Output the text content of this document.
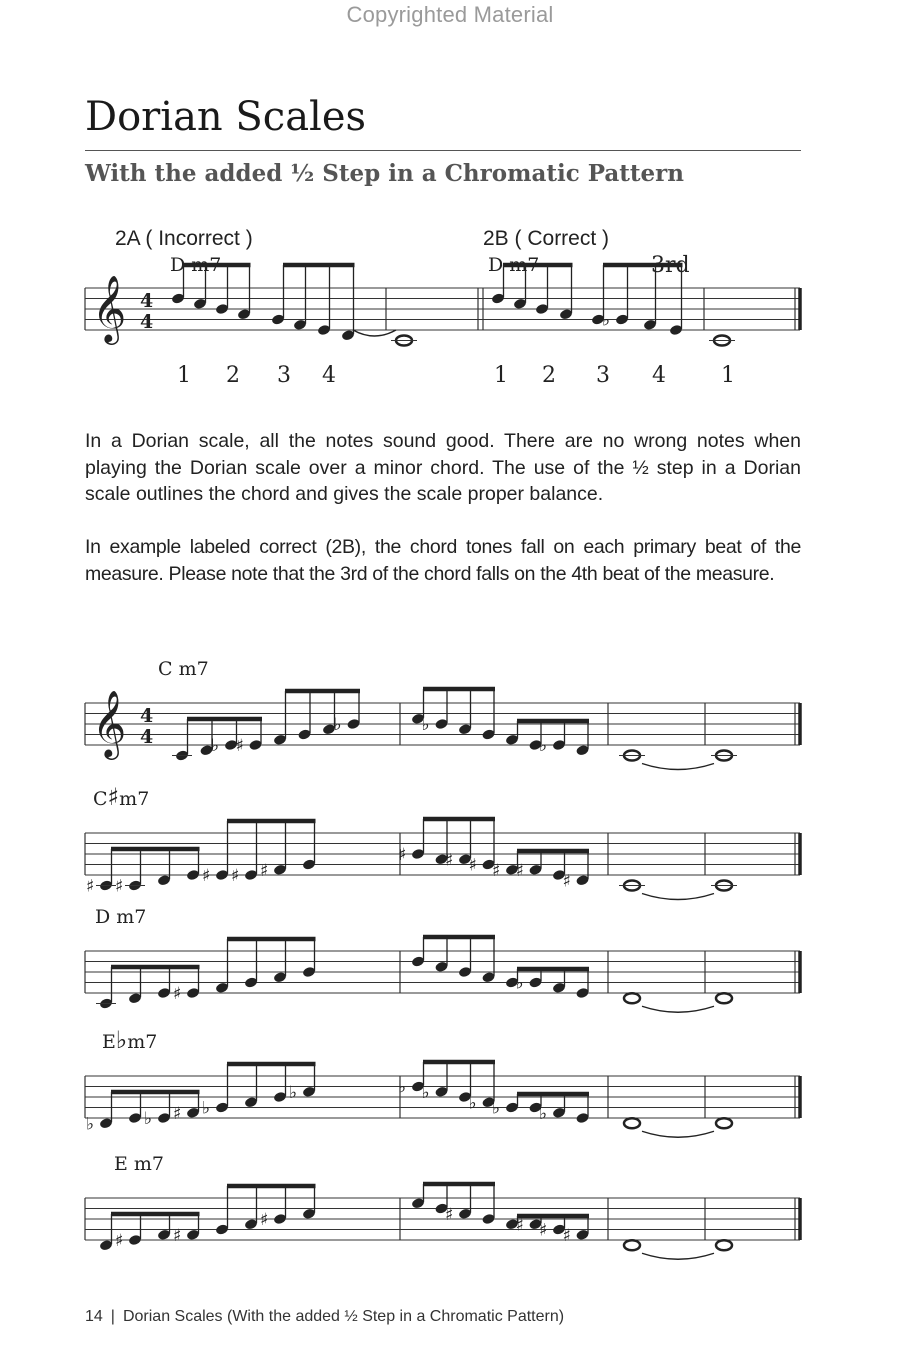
Copyrighted Material
Dorian Scales
With the added ½ Step in a Chromatic Pattern
2A ( Incorrect )
D m7
2B ( Correct )
D m7	3rd
1 2 3 4	1 2 3 4	1
𝄞 4
4	♭
In a Dorian scale, all the notes sound good. There are no wrong notes when playing the Dorian scale over a minor chord. The use of the ½ step in a Dorian scale outlines the chord and gives the scale proper balance.
In example labeled correct (2B), the chord tones fall on each primary beat of the measure. Please note that the 3rd of the chord falls on the 4th beat of the measure.
C m7
𝄞 4
4	♭ ♯
♭	♭
♭
C♯m7
♯ ♯
♯ ♯ ♯
♯ ♯ ♯ ♯ ♯
♯
D m7
♯
♭
E♭m7
♭	♭ ♯ ♭
♭	♭ ♭
♭ ♭ ♭
E m7
♯	♯
♯	♯
♯ ♯ ♯
14 | Dorian Scales (With the added ½ Step in a Chromatic Pattern)
